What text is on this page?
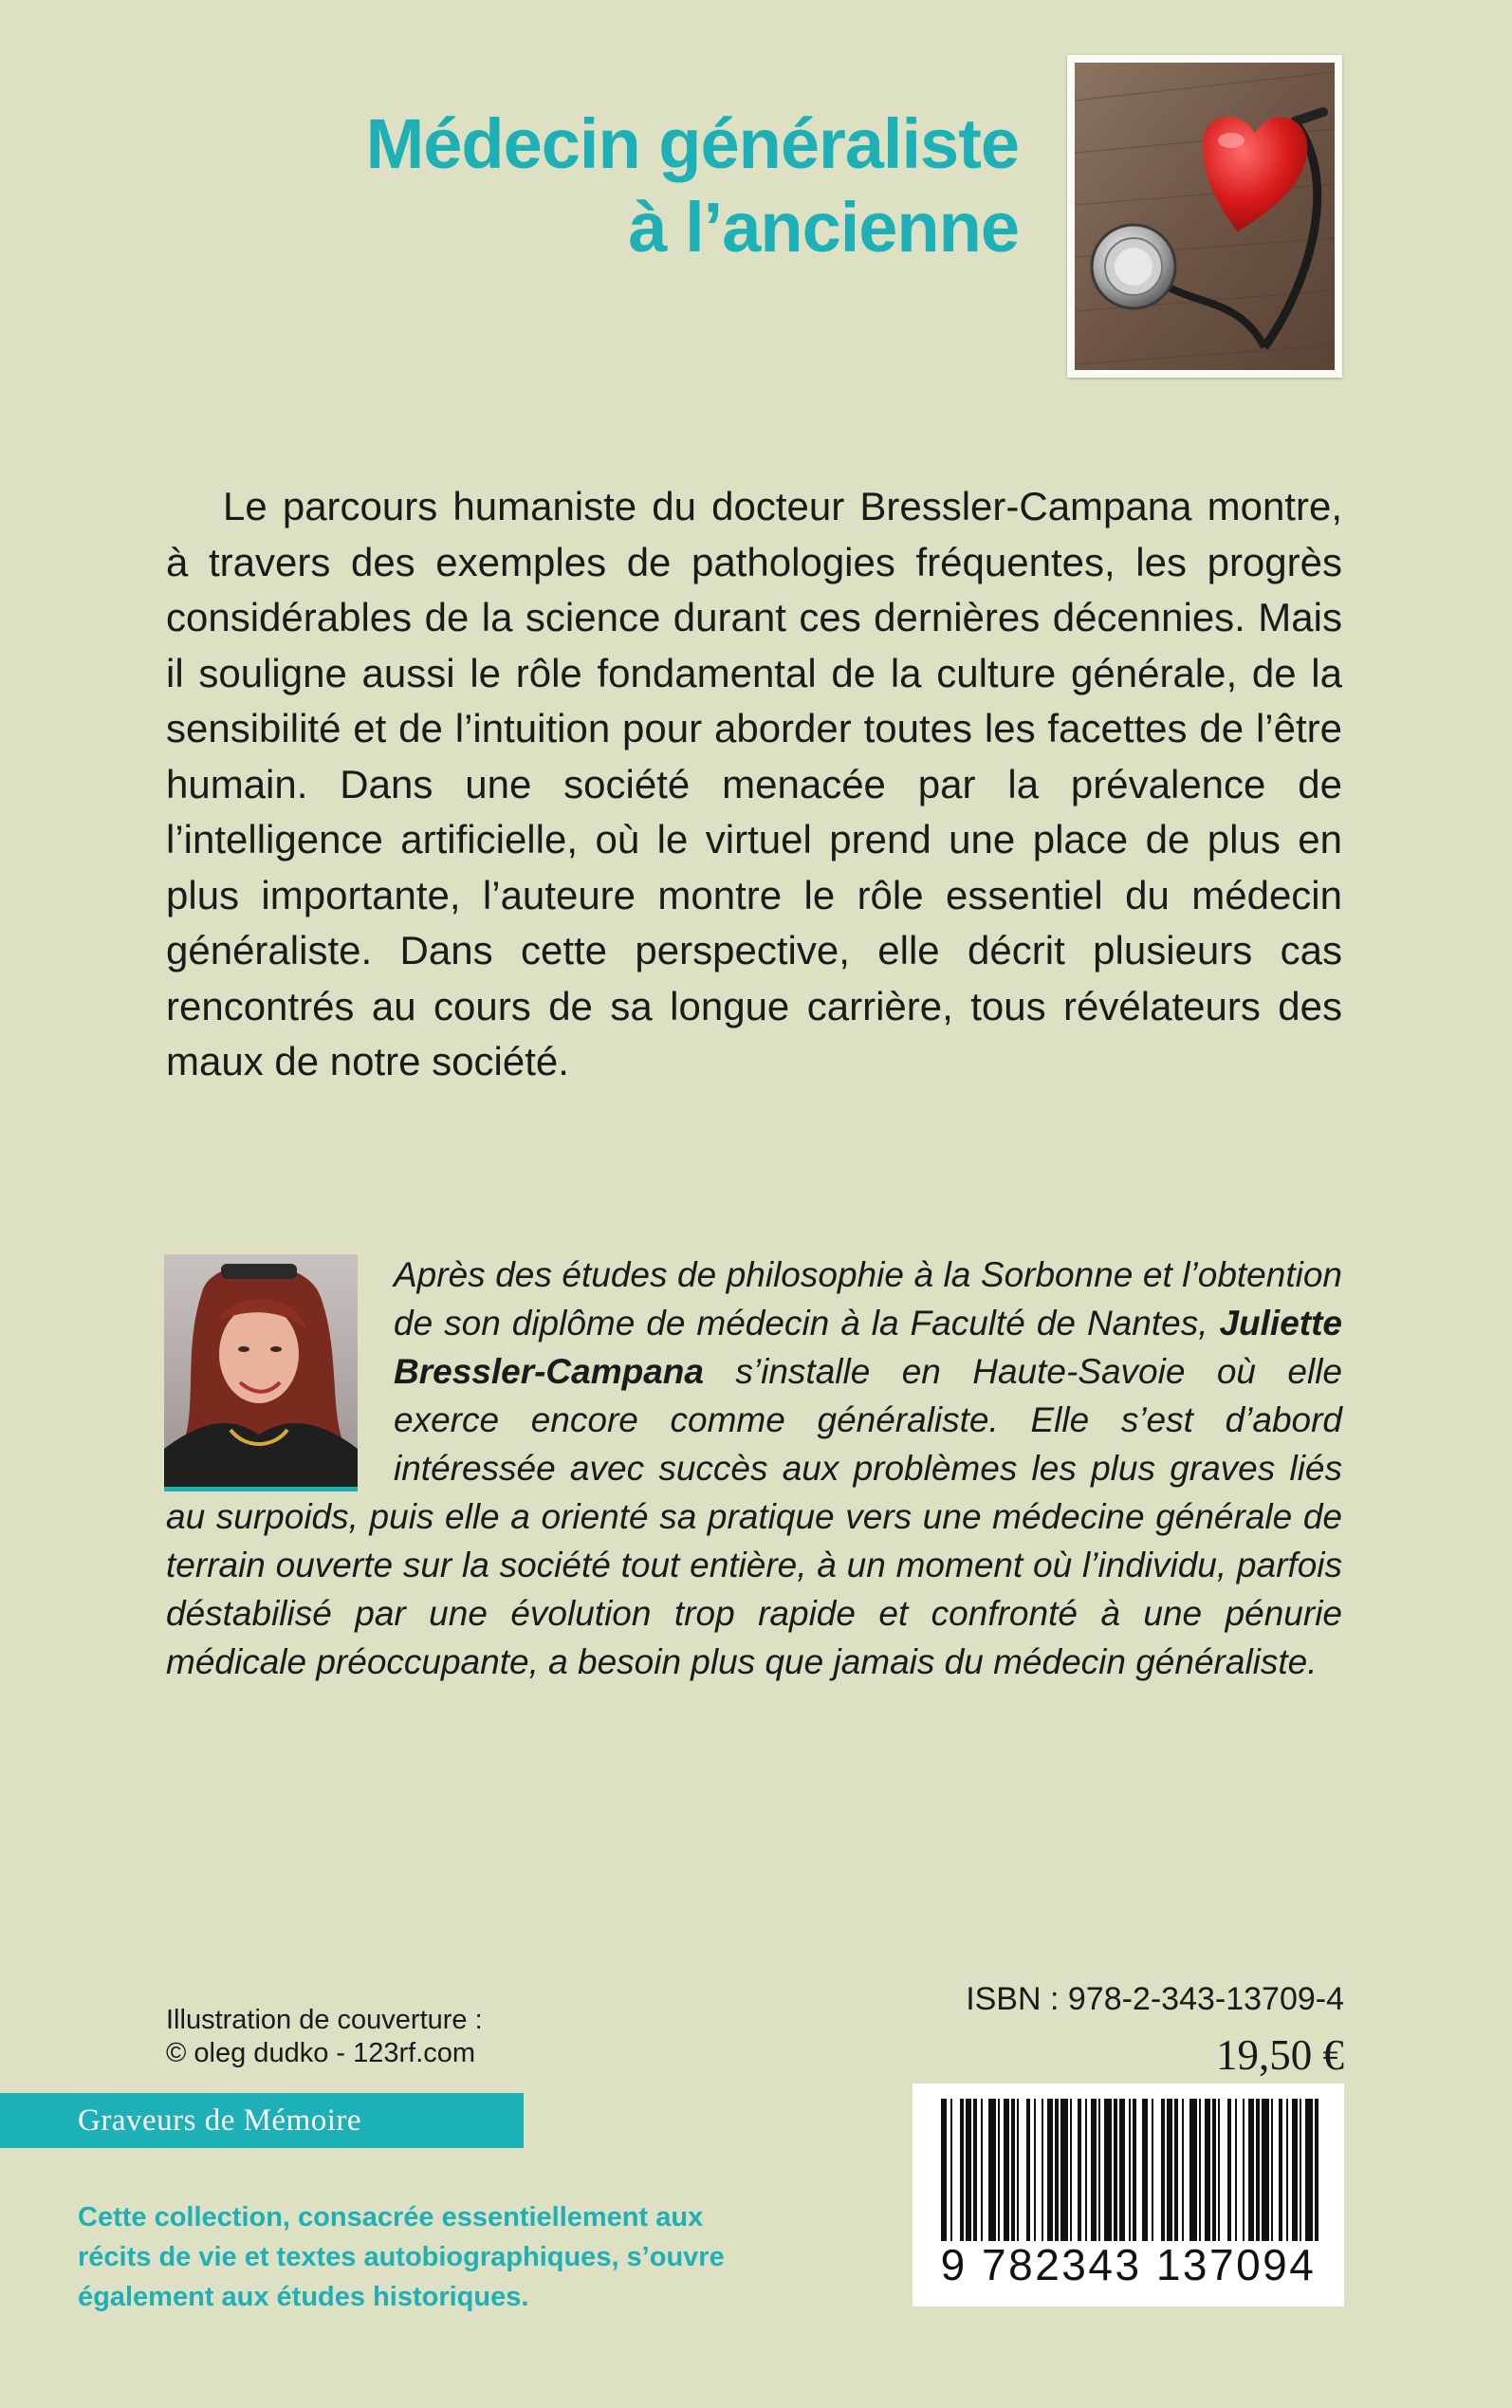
Médecin généraliste
à l’ancienne

Le parcours humaniste du docteur Bressler-Campana montre, à travers des exemples de pathologies fréquentes, les progrès considérables de la science durant ces dernières décennies. Mais il souligne aussi le rôle fondamental de la culture générale, de la sensibilité et de l’intuition pour aborder toutes les facettes de l’être humain. Dans une société menacée par la prévalence de l’intelligence artificielle, où le virtuel prend une place de plus en plus importante, l’auteure montre le rôle essentiel du médecin généraliste. Dans cette perspective, elle décrit plusieurs cas rencontrés au cours de sa longue carrière, tous révélateurs des maux de notre société.

Après des études de philosophie à la Sorbonne et l’obtention de son diplôme de médecin à la Faculté de Nantes, Juliette Bressler-Campana s’installe en Haute-Savoie où elle exerce encore comme généraliste. Elle s’est d’abord intéressée avec succès aux problèmes les plus graves liés au surpoids, puis elle a orienté sa pratique vers une médecine générale de terrain ouverte sur la société tout entière, à un moment où l’individu, parfois déstabilisé par une évolution trop rapide et confronté à une pénurie médicale préoccupante, a besoin plus que jamais du médecin généraliste.

Illustration de couverture :
© oleg dudko - 123rf.com

ISBN : 978-2-343-13709-4
19,50 €
Graveurs de Mémoire

Cette collection, consacrée essentiellement aux récits de vie et textes autobiographiques, s’ouvre également aux études historiques.

9 782343 137094
